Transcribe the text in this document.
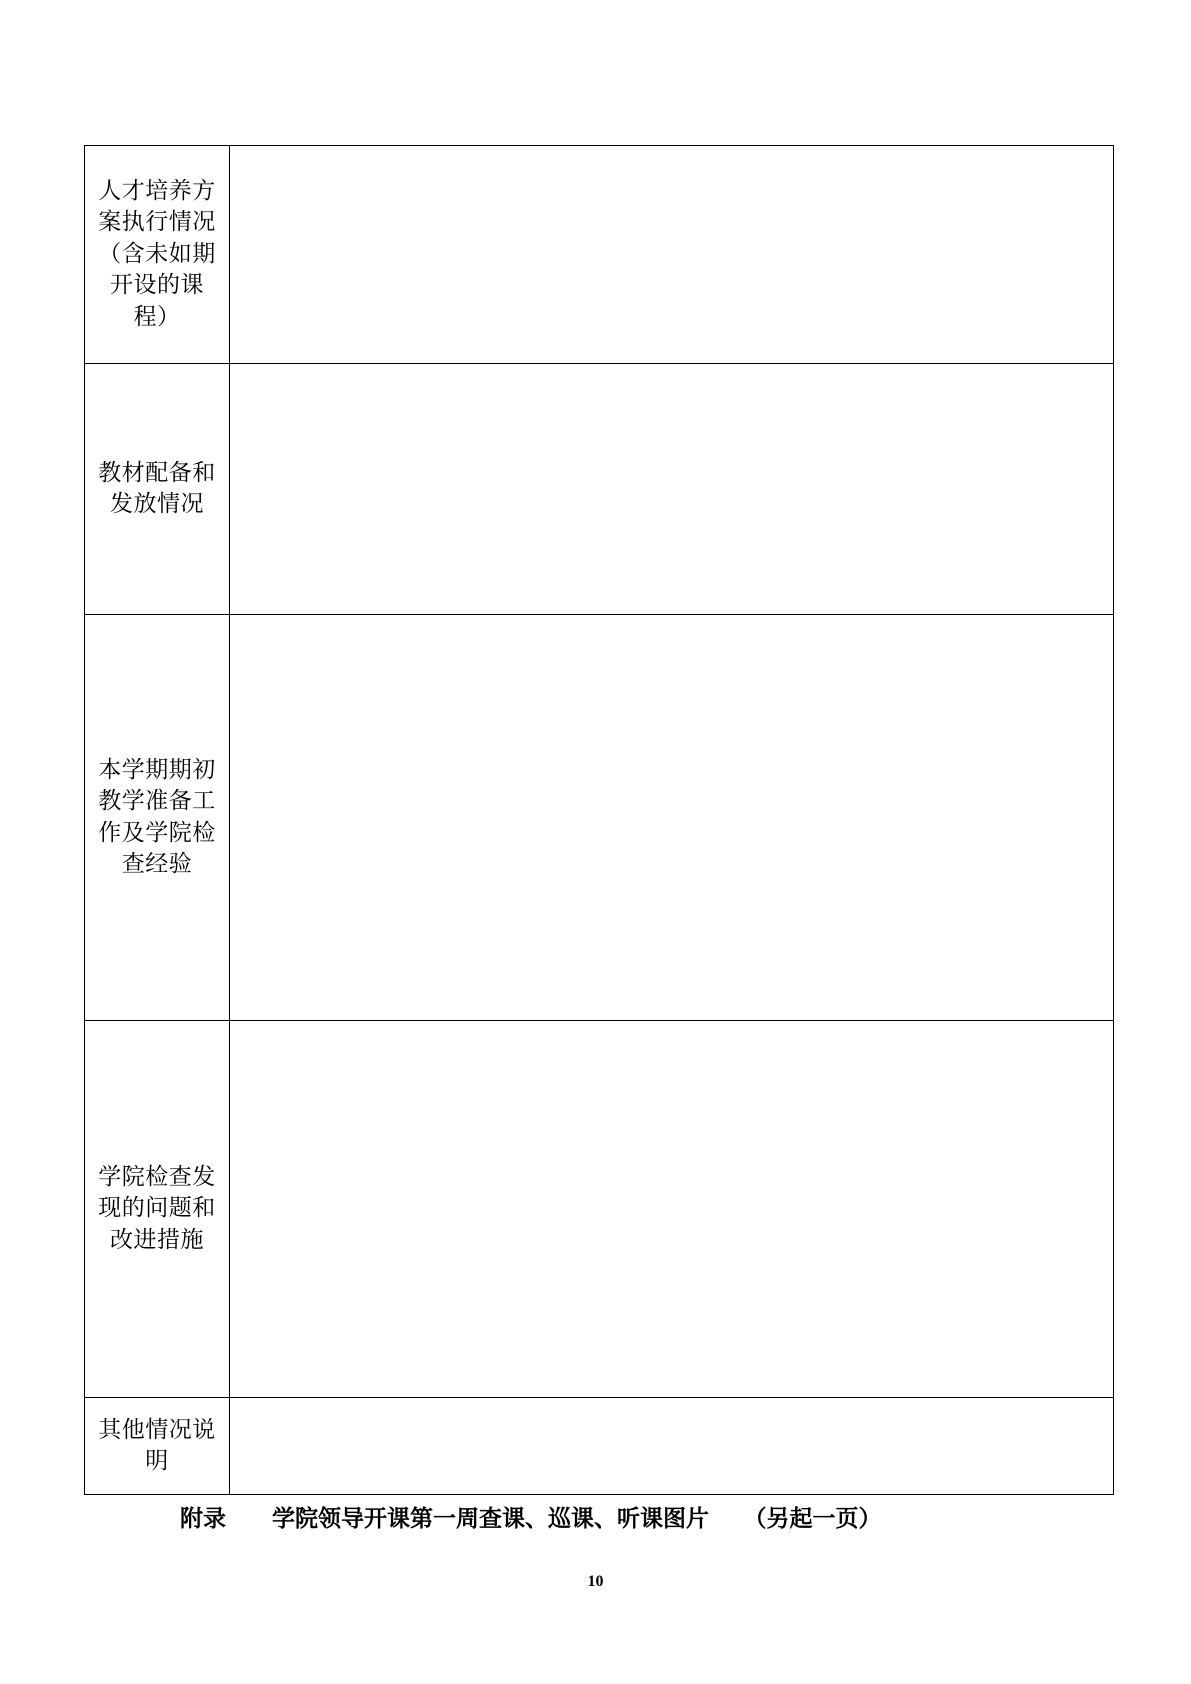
人才培养方案执行情况（含未如期开设的课程）	
教材配备和发放情况	
本学期期初教学准备工作及学院检查经验	
学院检查发现的问题和改进措施	
其他情况说明	
附录　　学院领导开课第一周查课、巡课、听课图片　　（另起一页）
10
